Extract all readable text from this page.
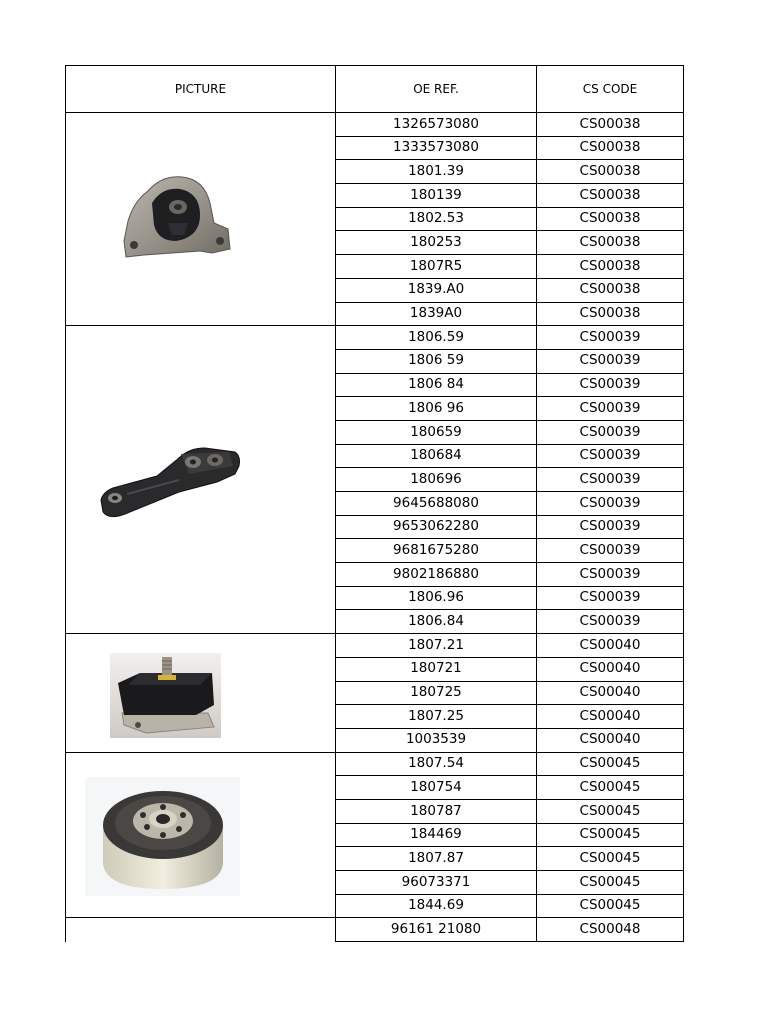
PICTURE	OE REF.	CS CODE

	1326573080	CS00038
	1333573080	CS00038
	1801.39	CS00038
	180139	CS00038
	1802.53	CS00038
	180253	CS00038
	1807R5	CS00038
	1839.A0	CS00038
	1839A0	CS00038

	1806.59	CS00039
	1806 59	CS00039
	1806 84	CS00039
	1806 96	CS00039
	180659	CS00039
	180684	CS00039
	180696	CS00039
	9645688080	CS00039
	9653062280	CS00039
	9681675280	CS00039
	9802186880	CS00039
	1806.96	CS00039
	1806.84	CS00039

	1807.21	CS00040
	180721	CS00040
	180725	CS00040
	1807.25	CS00040
	1003539	CS00040

	1807.54	CS00045
	180754	CS00045
	180787	CS00045
	184469	CS00045
	1807.87	CS00045
	96073371	CS00045
	1844.69	CS00045
	96161 21080	CS00048
